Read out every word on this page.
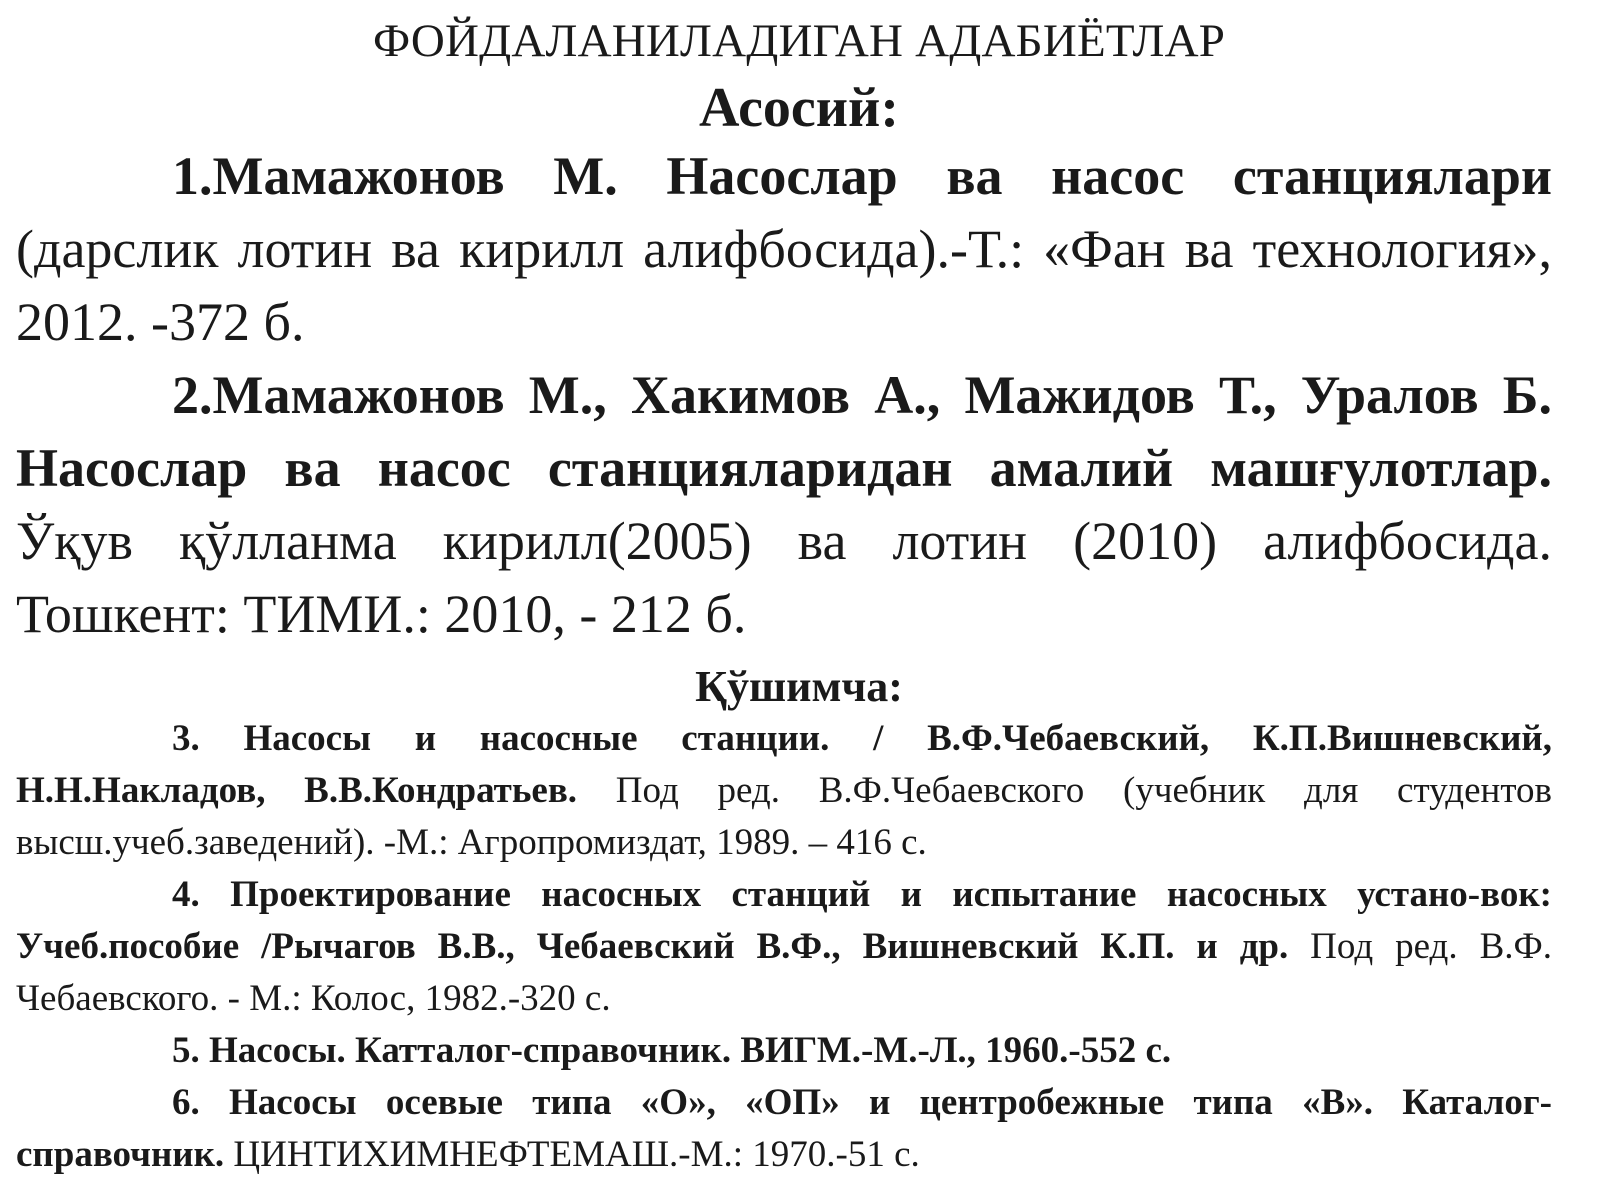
ФОЙДАЛАНИЛАДИГАН АДАБИЁТЛАР
Асосий:

1.Мамажонов М. Насослар ва насос станциялари (дарслик лотин ва кирилл алифбосида).-Т.: «Фан ва технология», 2012. -372 б.

2.Мамажонов М., Хакимов А., Мажидов Т., Уралов Б. Насослар ва насос станцияларидан амалий машғулотлар. Ўқув қўлланма кирилл(2005) ва лотин (2010) алифбосида. Тошкент: ТИМИ.: 2010, - 212 б.

Қўшимча:

3. Насосы и насосные станции. / В.Ф.Чебаевский, К.П.Вишневский, Н.Н.Накладов, В.В.Кондратьев. Под ред. В.Ф.Чебаевского (учебник для студентов высш.учеб.заведений). -М.: Агропромиздат, 1989. – 416 с.

4. Проектирование насосных станций и испытание насосных устано-вок: Учеб.пособие /Рычагов В.В., Чебаевский В.Ф., Вишневский К.П. и др. Под ред. В.Ф. Чебаевского. - М.: Колос, 1982.-320 с.

5. Насосы. Катталог-справочник. ВИГМ.-М.-Л., 1960.-552 с.

6. Насосы осевые типа «О», «ОП» и центробежные типа «В». Каталог-справочник. ЦИНТИХИМНЕФТЕМАШ.-М.: 1970.-51 с.
